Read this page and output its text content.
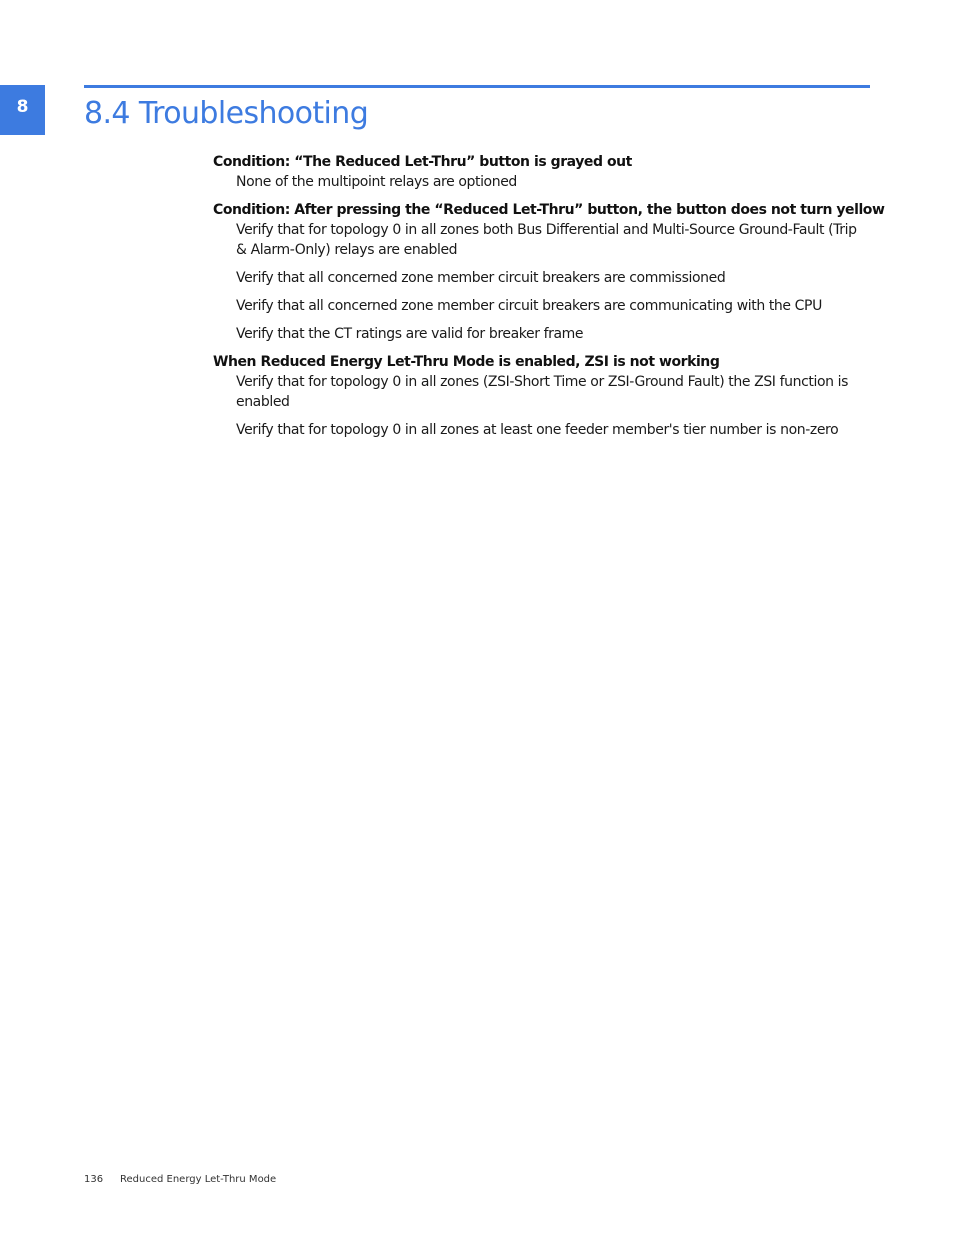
8	8.4 Troubleshooting

Condition: “The Reduced Let-Thru” button is grayed out

None of the multipoint relays are optioned

Condition: After pressing the “Reduced Let-Thru” button, the button does not turn yellow

Verify that for topology 0 in all zones both Bus Differential and Multi-Source Ground-Fault (Trip & Alarm-Only) relays are enabled

Verify that all concerned zone member circuit breakers are commissioned

Verify that all concerned zone member circuit breakers are communicating with the CPU

Verify that the CT ratings are valid for breaker frame

When Reduced Energy Let-Thru Mode is enabled, ZSI is not working

Verify that for topology 0 in all zones (ZSI-Short Time or ZSI-Ground Fault) the ZSI function is enabled

Verify that for topology 0 in all zones at least one feeder member's tier number is non-zero

136 Reduced Energy Let-Thru Mode
